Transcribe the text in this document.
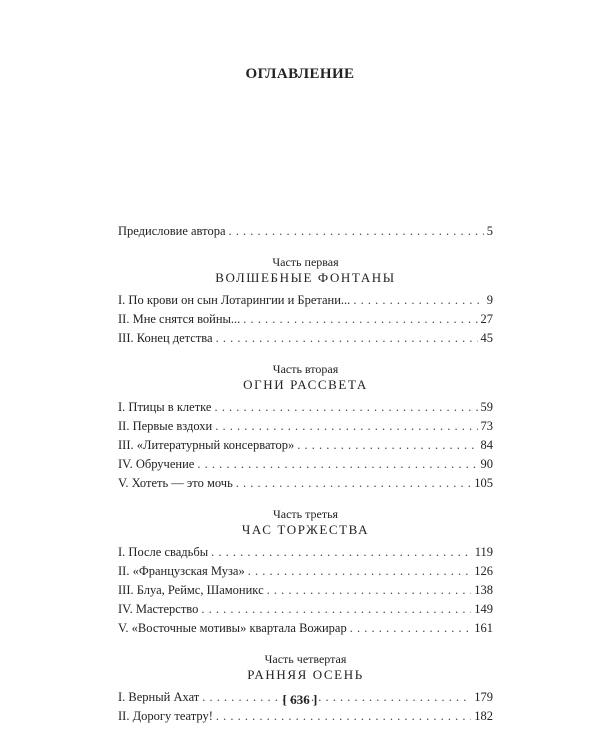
ОГЛАВЛЕНИЕ
Предисловие автора . . .	5
Часть первая
ВОЛШЕБНЫЕ ФОНТАНЫ
I. По крови он сын Лотарингии и Бретани... . . .	9
II. Мне снятся войны... . . .	27
III. Конец детства . . .	45
Часть вторая
ОГНИ РАССВЕТА
I. Птицы в клетке . . .	59
II. Первые вздохи . . .	73
III. «Литературный консерватор» . . .	84
IV. Обручение . . .	90
V. Хотеть — это мочь . . .	105
Часть третья
ЧАС ТОРЖЕСТВА
I. После свадьбы . . .	119
II. «Французская Муза» . . .	126
III. Блуа, Реймс, Шамоникс . . .	138
IV. Мастерство . . .	149
V. «Восточные мотивы» квартала Вожирар . . .	161
Часть четвертая
РАННЯЯ ОСЕНЬ
I. Верный Ахат . . .	179
II. Дорогу театру! . . .	182
[ 636 ]
